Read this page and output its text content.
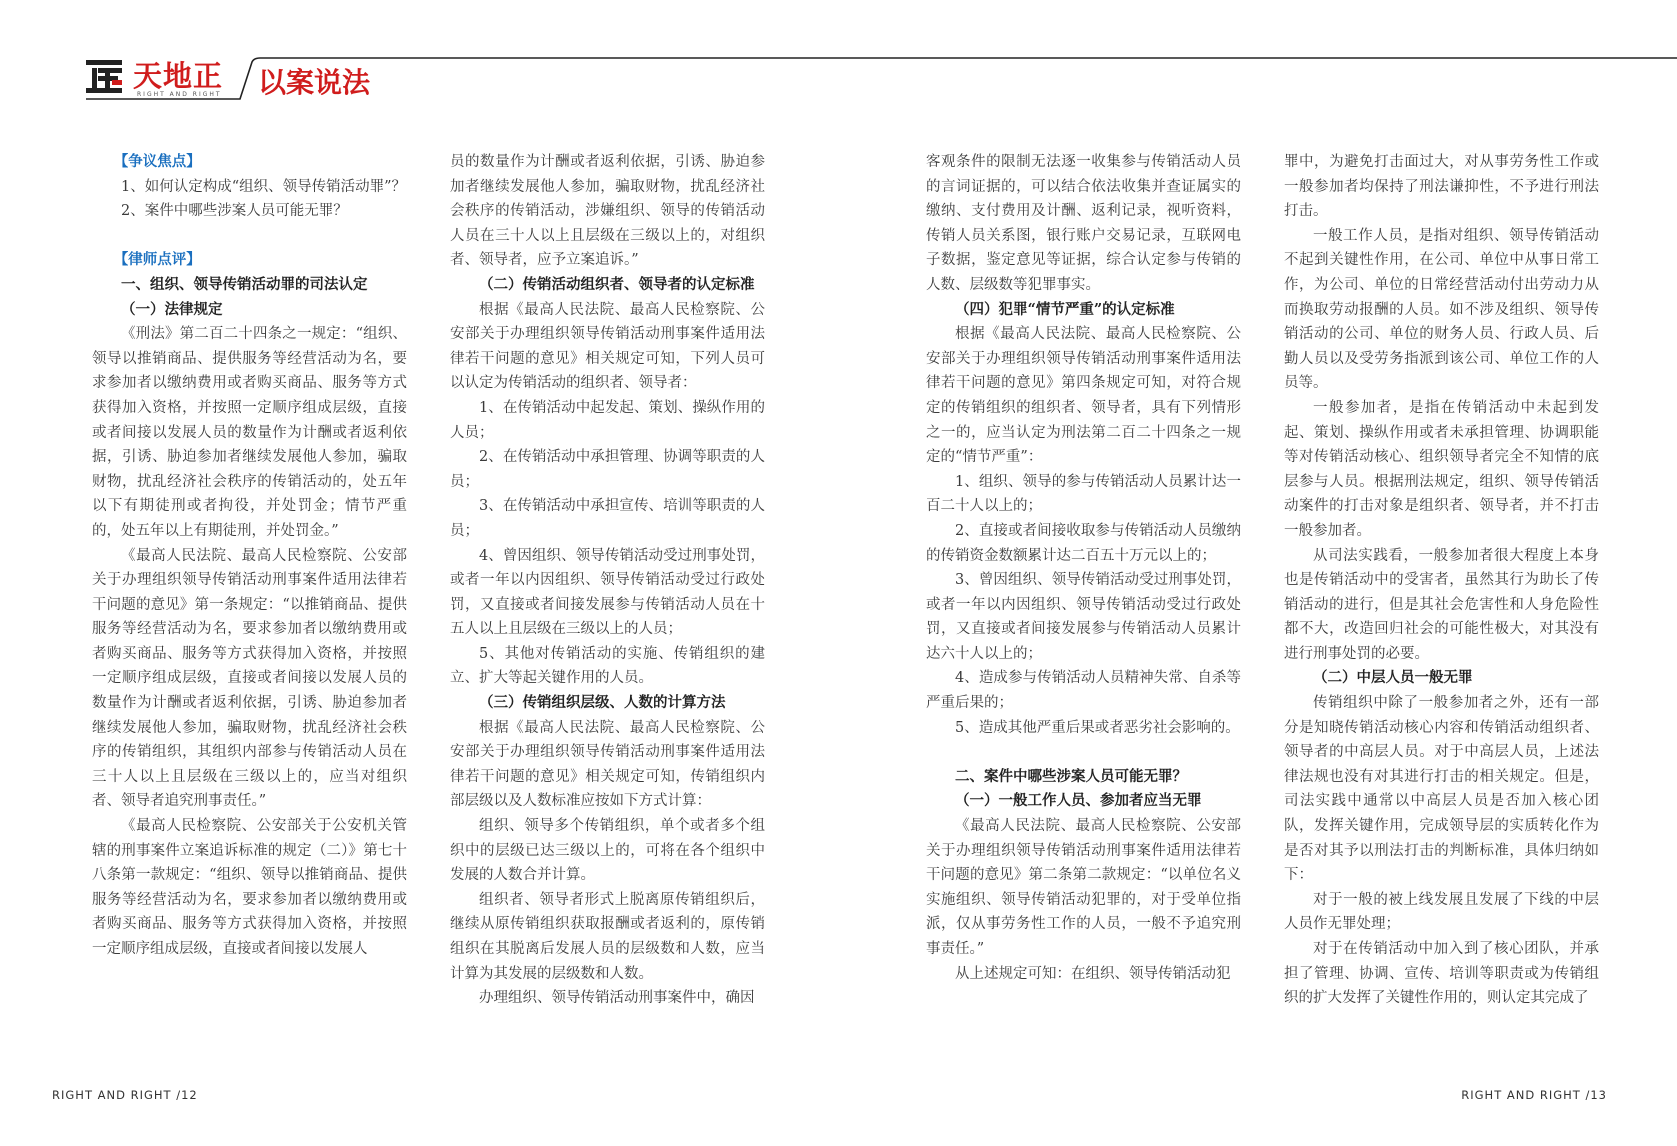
天地正
RIGHT AND RIGHT 以案说法

【争议焦点】

1、如何认定构成“组织、领导传销活动罪”？

2、案件中哪些涉案人员可能无罪？

【律师点评】

一、组织、领导传销活动罪的司法认定

（一）法律规定

《刑法》第二百二十四条之一规定：“组织、领导以推销商品、提供服务等经营活动为名，要求参加者以缴纳费用或者购买商品、服务等方式获得加入资格，并按照一定顺序组成层级，直接或者间接以发展人员的数量作为计酬或者返利依据，引诱、胁迫参加者继续发展他人参加，骗取财物，扰乱经济社会秩序的传销活动的，处五年以下有期徒刑或者拘役，并处罚金；情节严重的，处五年以上有期徒刑，并处罚金。”

《最高人民法院、最高人民检察院、公安部关于办理组织领导传销活动刑事案件适用法律若干问题的意见》第一条规定：“以推销商品、提供服务等经营活动为名，要求参加者以缴纳费用或者购买商品、服务等方式获得加入资格，并按照一定顺序组成层级，直接或者间接以发展人员的数量作为计酬或者返利依据，引诱、胁迫参加者继续发展他人参加，骗取财物，扰乱经济社会秩序的传销组织，其组织内部参与传销活动人员在三十人以上且层级在三级以上的，应当对组织者、领导者追究刑事责任。”

《最高人民检察院、公安部关于公安机关管辖的刑事案件立案追诉标准的规定（二）》第七十八条第一款规定：“组织、领导以推销商品、提供服务等经营活动为名，要求参加者以缴纳费用或者购买商品、服务等方式获得加入资格，并按照一定顺序组成层级，直接或者间接以发展人

员的数量作为计酬或者返利依据，引诱、胁迫参加者继续发展他人参加，骗取财物，扰乱经济社会秩序的传销活动，涉嫌组织、领导的传销活动人员在三十人以上且层级在三级以上的，对组织者、领导者，应予立案追诉。”

（二）传销活动组织者、领导者的认定标准

根据《最高人民法院、最高人民检察院、公安部关于办理组织领导传销活动刑事案件适用法律若干问题的意见》相关规定可知，下列人员可以认定为传销活动的组织者、领导者：

1、在传销活动中起发起、策划、操纵作用的人员；

2、在传销活动中承担管理、协调等职责的人员；

3、在传销活动中承担宣传、培训等职责的人员；

4、曾因组织、领导传销活动受过刑事处罚，或者一年以内因组织、领导传销活动受过行政处罚，又直接或者间接发展参与传销活动人员在十五人以上且层级在三级以上的人员；

5、其他对传销活动的实施、传销组织的建立、扩大等起关键作用的人员。

（三）传销组织层级、人数的计算方法

根据《最高人民法院、最高人民检察院、公安部关于办理组织领导传销活动刑事案件适用法律若干问题的意见》相关规定可知，传销组织内部层级以及人数标准应按如下方式计算：

组织、领导多个传销组织，单个或者多个组织中的层级已达三级以上的，可将在各个组织中发展的人数合并计算。

组织者、领导者形式上脱离原传销组织后，继续从原传销组织获取报酬或者返利的，原传销组织在其脱离后发展人员的层级数和人数，应当计算为其发展的层级数和人数。

办理组织、领导传销活动刑事案件中，确因

客观条件的限制无法逐一收集参与传销活动人员的言词证据的，可以结合依法收集并查证属实的缴纳、支付费用及计酬、返利记录，视听资料，传销人员关系图，银行账户交易记录，互联网电子数据，鉴定意见等证据，综合认定参与传销的人数、层级数等犯罪事实。

（四）犯罪“情节严重”的认定标准

根据《最高人民法院、最高人民检察院、公安部关于办理组织领导传销活动刑事案件适用法律若干问题的意见》第四条规定可知，对符合规定的传销组织的组织者、领导者，具有下列情形之一的，应当认定为刑法第二百二十四条之一规定的“情节严重”：

1、组织、领导的参与传销活动人员累计达一百二十人以上的；

2、直接或者间接收取参与传销活动人员缴纳的传销资金数额累计达二百五十万元以上的；

3、曾因组织、领导传销活动受过刑事处罚，或者一年以内因组织、领导传销活动受过行政处罚，又直接或者间接发展参与传销活动人员累计达六十人以上的；

4、造成参与传销活动人员精神失常、自杀等严重后果的；

5、造成其他严重后果或者恶劣社会影响的。

二、案件中哪些涉案人员可能无罪？

（一）一般工作人员、参加者应当无罪

《最高人民法院、最高人民检察院、公安部关于办理组织领导传销活动刑事案件适用法律若干问题的意见》第二条第二款规定：“以单位名义实施组织、领导传销活动犯罪的，对于受单位指派，仅从事劳务性工作的人员，一般不予追究刑事责任。”

从上述规定可知：在组织、领导传销活动犯

罪中，为避免打击面过大，对从事劳务性工作或一般参加者均保持了刑法谦抑性，不予进行刑法打击。

一般工作人员，是指对组织、领导传销活动不起到关键性作用，在公司、单位中从事日常工作，为公司、单位的日常经营活动付出劳动力从而换取劳动报酬的人员。如不涉及组织、领导传销活动的公司、单位的财务人员、行政人员、后勤人员以及受劳务指派到该公司、单位工作的人员等。

一般参加者，是指在传销活动中未起到发起、策划、操纵作用或者未承担管理、协调职能等对传销活动核心、组织领导者完全不知情的底层参与人员。根据刑法规定，组织、领导传销活动案件的打击对象是组织者、领导者，并不打击一般参加者。

从司法实践看，一般参加者很大程度上本身也是传销活动中的受害者，虽然其行为助长了传销活动的进行，但是其社会危害性和人身危险性都不大，改造回归社会的可能性极大，对其没有进行刑事处罚的必要。

（二）中层人员一般无罪

传销组织中除了一般参加者之外，还有一部分是知晓传销活动核心内容和传销活动组织者、领导者的中高层人员。对于中高层人员，上述法律法规也没有对其进行打击的相关规定。但是，司法实践中通常以中高层人员是否加入核心团队，发挥关键作用，完成领导层的实质转化作为是否对其予以刑法打击的判断标准，具体归纳如下：

对于一般的被上线发展且发展了下线的中层人员作无罪处理；

对于在传销活动中加入到了核心团队，并承担了管理、协调、宣传、培训等职责或为传销组织的扩大发挥了关键性作用的，则认定其完成了

RIGHT AND RIGHT /12	RIGHT AND RIGHT /13
